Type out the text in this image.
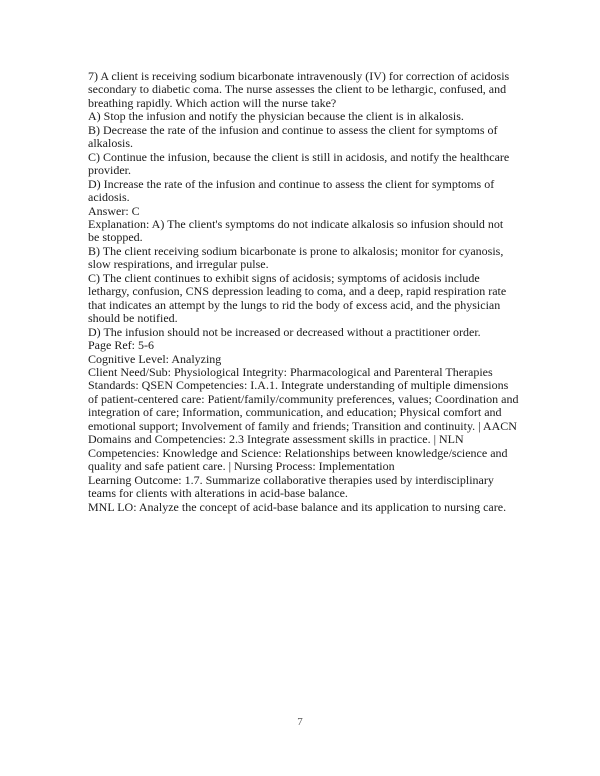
7) A client is receiving sodium bicarbonate intravenously (IV) for correction of acidosis
secondary to diabetic coma. The nurse assesses the client to be lethargic, confused, and
breathing rapidly. Which action will the nurse take?
A) Stop the infusion and notify the physician because the client is in alkalosis.
B) Decrease the rate of the infusion and continue to assess the client for symptoms of
alkalosis.
C) Continue the infusion, because the client is still in acidosis, and notify the healthcare
provider.
D) Increase the rate of the infusion and continue to assess the client for symptoms of
acidosis.
Answer: C
Explanation: A) The client's symptoms do not indicate alkalosis so infusion should not
be stopped.
B) The client receiving sodium bicarbonate is prone to alkalosis; monitor for cyanosis,
slow respirations, and irregular pulse.
C) The client continues to exhibit signs of acidosis; symptoms of acidosis include
lethargy, confusion, CNS depression leading to coma, and a deep, rapid respiration rate
that indicates an attempt by the lungs to rid the body of excess acid, and the physician
should be notified.
D) The infusion should not be increased or decreased without a practitioner order.
Page Ref: 5-6
Cognitive Level: Analyzing
Client Need/Sub: Physiological Integrity: Pharmacological and Parenteral Therapies
Standards: QSEN Competencies: I.A.1. Integrate understanding of multiple dimensions
of patient-centered care: Patient/family/community preferences, values; Coordination and
integration of care; Information, communication, and education; Physical comfort and
emotional support; Involvement of family and friends; Transition and continuity. | AACN
Domains and Competencies: 2.3 Integrate assessment skills in practice. | NLN
Competencies: Knowledge and Science: Relationships between knowledge/science and
quality and safe patient care. | Nursing Process: Implementation
Learning Outcome: 1.7. Summarize collaborative therapies used by interdisciplinary
teams for clients with alterations in acid-base balance.
MNL LO: Analyze the concept of acid-base balance and its application to nursing care.
7
